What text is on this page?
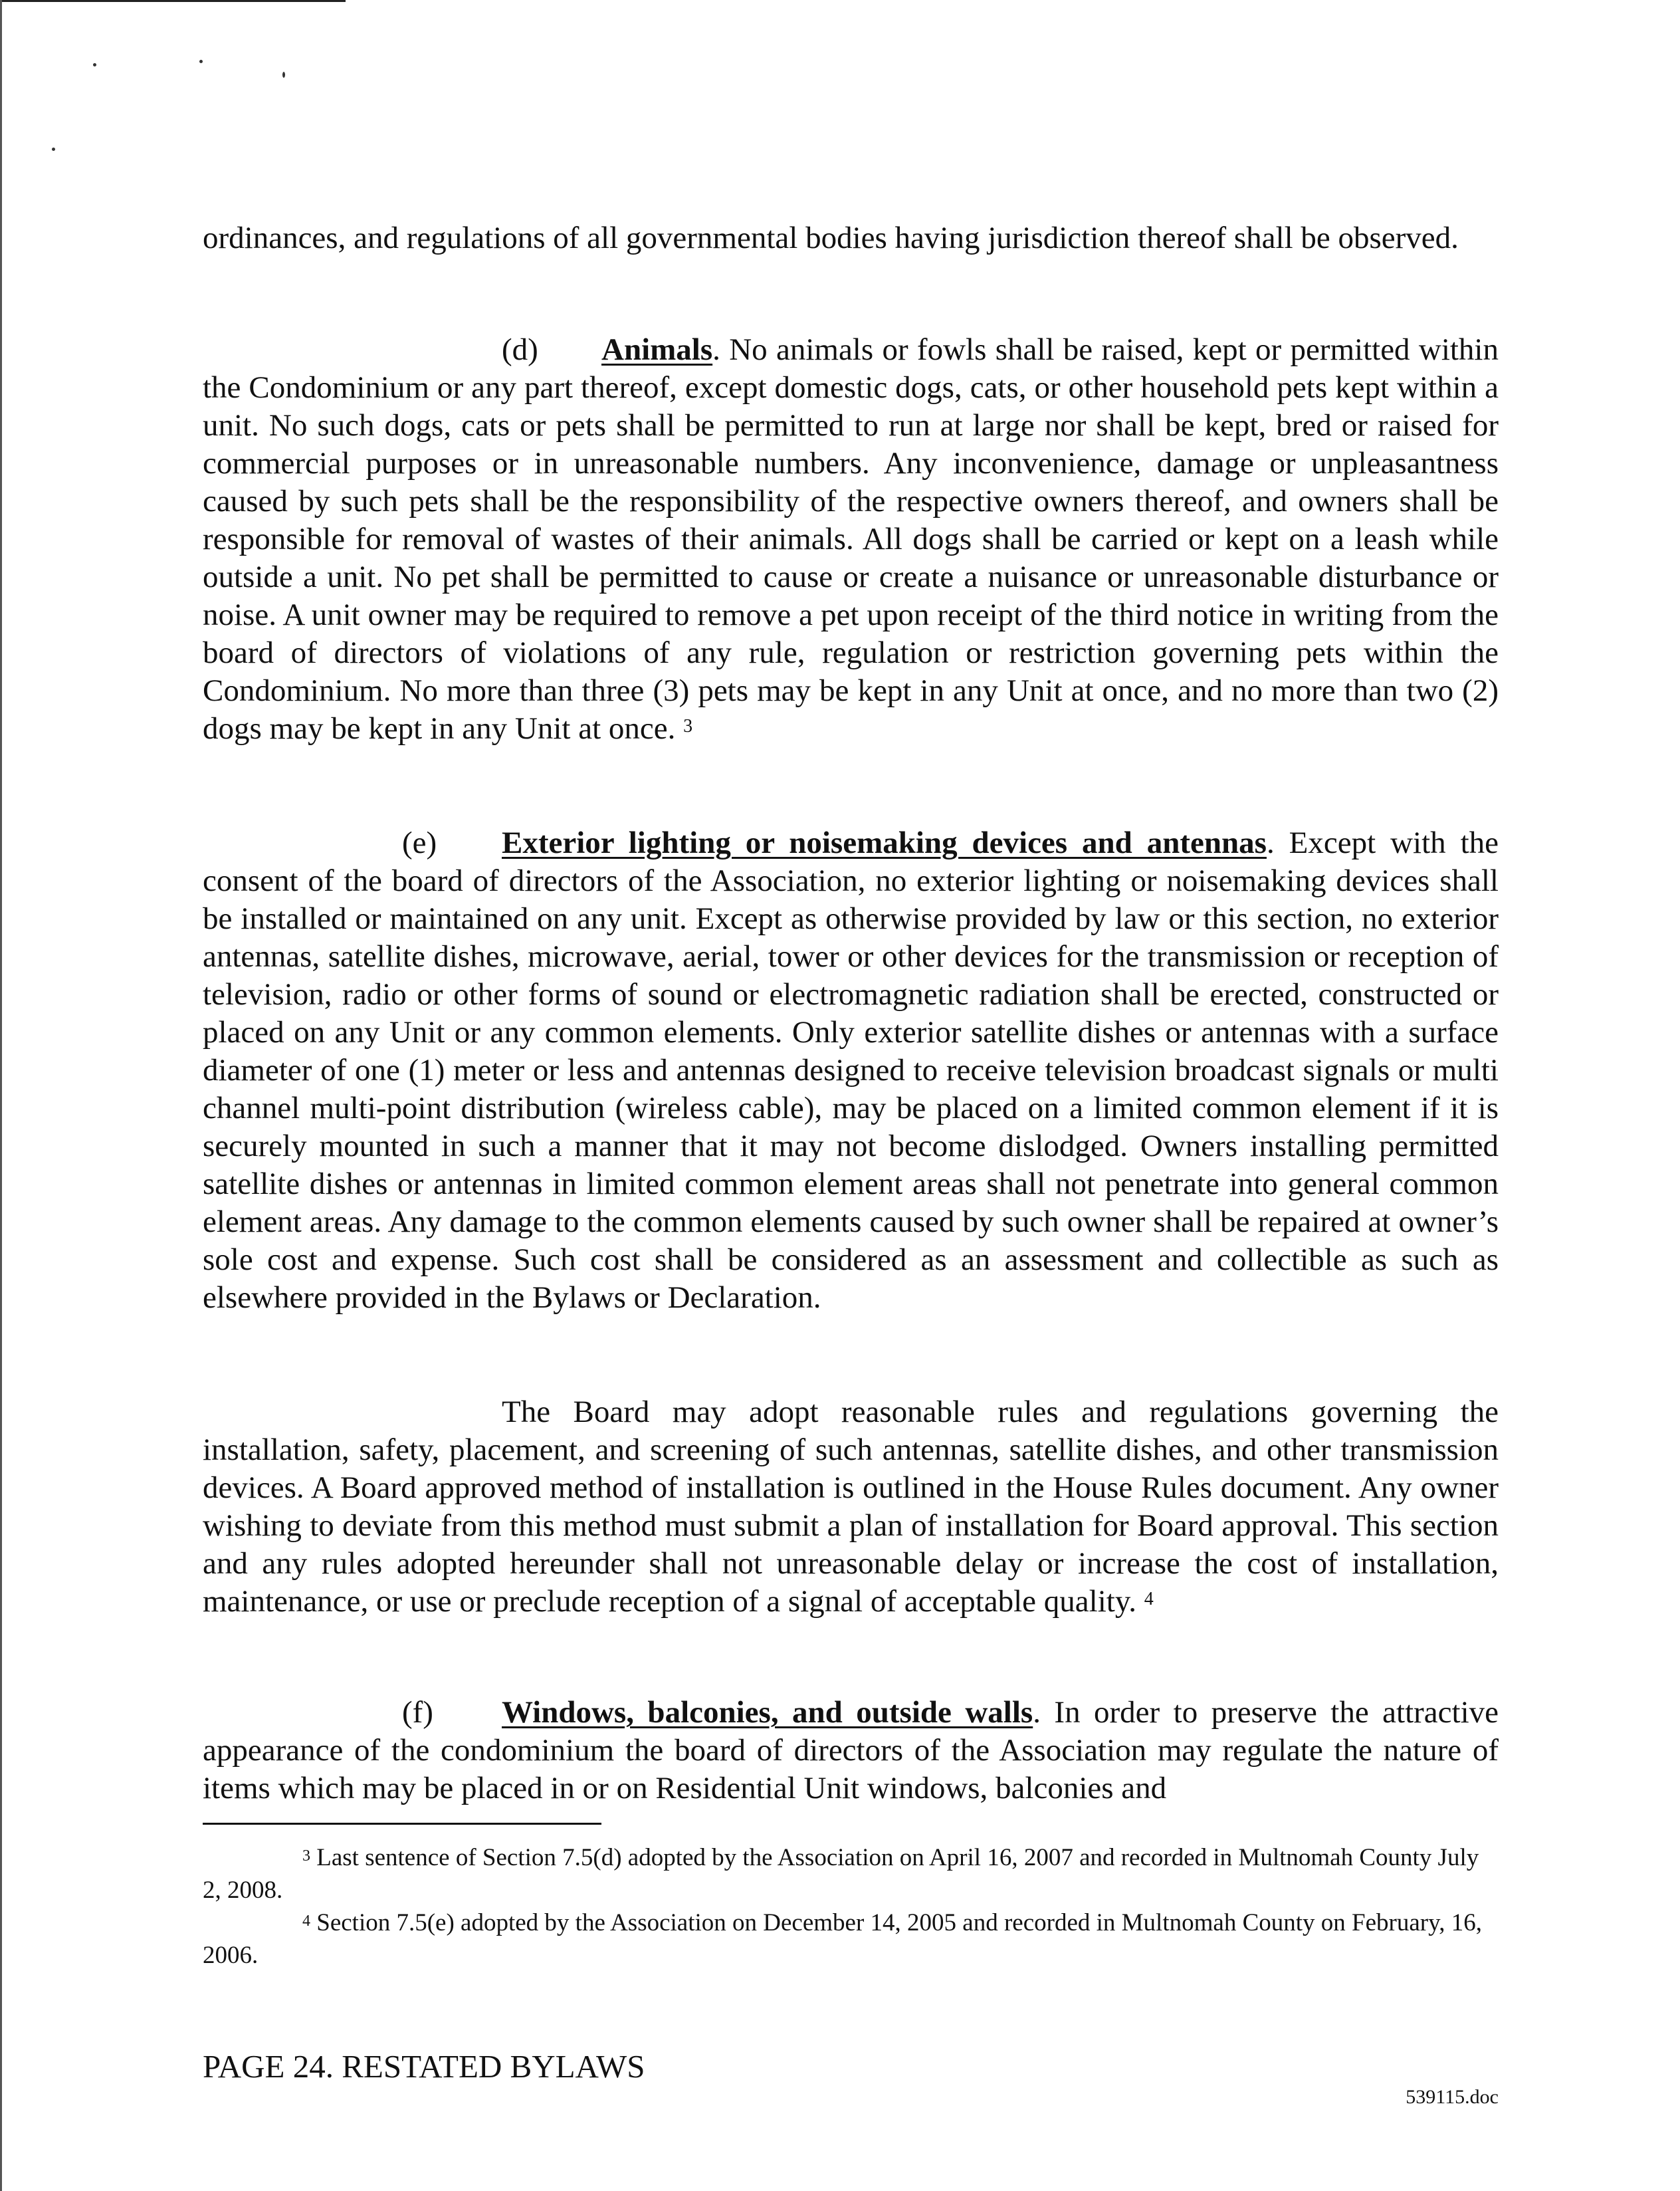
ordinances, and regulations of all governmental bodies having jurisdiction thereof shall be observed.

(d) Animals. No animals or fowls shall be raised, kept or permitted within the Condominium or any part thereof, except domestic dogs, cats, or other household pets kept within a unit. No such dogs, cats or pets shall be permitted to run at large nor shall be kept, bred or raised for commercial purposes or in unreasonable numbers. Any inconvenience, damage or unpleasantness caused by such pets shall be the responsibility of the respective owners thereof, and owners shall be responsible for removal of wastes of their animals. All dogs shall be carried or kept on a leash while outside a unit. No pet shall be permitted to cause or create a nuisance or unreasonable disturbance or noise. A unit owner may be required to remove a pet upon receipt of the third notice in writing from the board of directors of violations of any rule, regulation or restriction governing pets within the Condominium. No more than three (3) pets may be kept in any Unit at once, and no more than two (2) dogs may be kept in any Unit at once. $^3$

(e) Exterior lighting or noisemaking devices and antennas. Except with the consent of the board of directors of the Association, no exterior lighting or noisemaking devices shall be installed or maintained on any unit. Except as otherwise provided by law or this section, no exterior antennas, satellite dishes, microwave, aerial, tower or other devices for the transmission or reception of television, radio or other forms of sound or electromagnetic radiation shall be erected, constructed or placed on any Unit or any common elements. Only exterior satellite dishes or antennas with a surface diameter of one (1) meter or less and antennas designed to receive television broadcast signals or multi channel multi-point distribution (wireless cable), may be placed on a limited common element if it is securely mounted in such a manner that it may not become dislodged. Owners installing permitted satellite dishes or antennas in limited common element areas shall not penetrate into general common element areas. Any damage to the common elements caused by such owner shall be repaired at owner’s sole cost and expense. Such cost shall be considered as an assessment and collectible as such as elsewhere provided in the Bylaws or Declaration.

The Board may adopt reasonable rules and regulations governing the installation, safety, placement, and screening of such antennas, satellite dishes, and other transmission devices. A Board approved method of installation is outlined in the House Rules document. Any owner wishing to deviate from this method must submit a plan of installation for Board approval. This section and any rules adopted hereunder shall not unreasonable delay or increase the cost of installation, maintenance, or use or preclude reception of a signal of acceptable quality. $^4$

(f) Windows, balconies, and outside walls. In order to preserve the attractive appearance of the condominium the board of directors of the Association may regulate the nature of items which may be placed in or on Residential Unit windows, balconies and

$^3$ Last sentence of Section 7.5(d) adopted by the Association on April 16, 2007 and recorded in Multnomah County July 2, 2008.

$^4$ Section 7.5(e) adopted by the Association on December 14, 2005 and recorded in Multnomah County on February, 16, 2006.

PAGE 24. RESTATED BYLAWS

539115.doc
